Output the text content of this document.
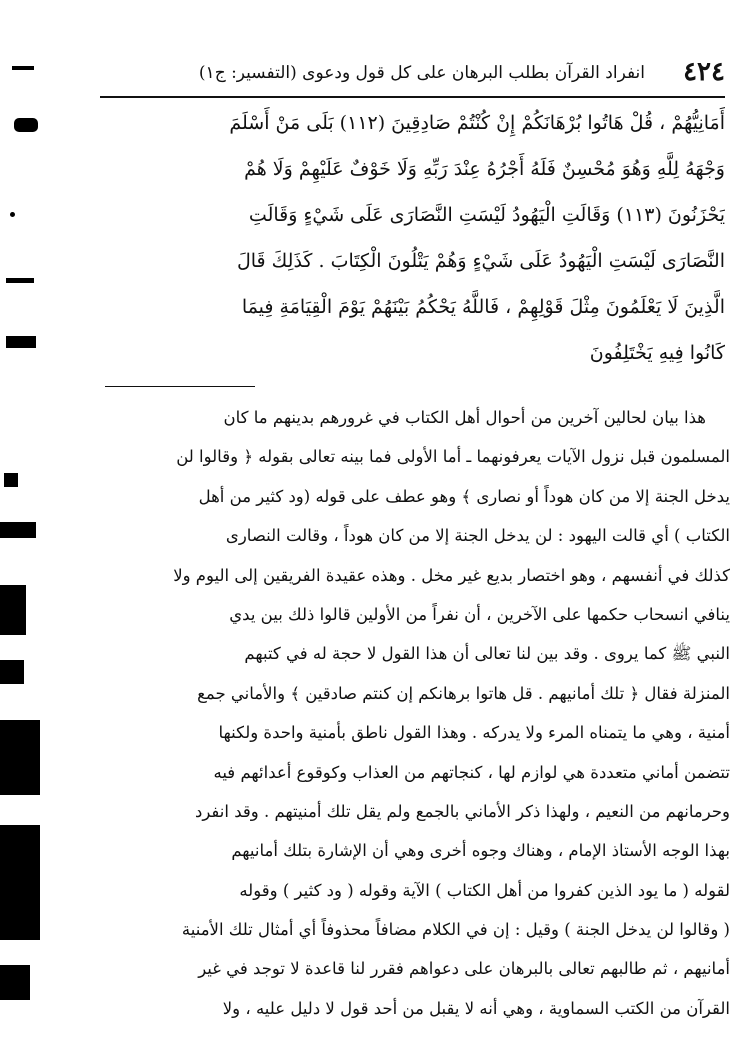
٤٢٤
انفراد القرآن بطلب البرهان على كل قول ودعوى (التفسير: ج١)
أَمَانِيُّهُمْ ، قُلْ هَاتُوا بُرْهَانَكُمْ إِنْ كُنْتُمْ صَادِقِينَ (١١٢) بَلَى مَنْ أَسْلَمَ
وَجْهَهُ لِلَّهِ وَهُوَ مُحْسِنٌ فَلَهُ أَجْرُهُ عِنْدَ رَبِّهِ وَلَا خَوْفٌ عَلَيْهِمْ وَلَا هُمْ
يَحْزَنُونَ (١١٣) وَقَالَتِ الْيَهُودُ لَيْسَتِ النَّصَارَى عَلَى شَيْءٍ وَقَالَتِ
النَّصَارَى لَيْسَتِ الْيَهُودُ عَلَى شَيْءٍ وَهُمْ يَتْلُونَ الْكِتَابَ . كَذَلِكَ قَالَ
الَّذِينَ لَا يَعْلَمُونَ مِثْلَ قَوْلِهِمْ ، فَاللَّهُ يَحْكُمُ بَيْنَهُمْ يَوْمَ الْقِيَامَةِ فِيمَا
كَانُوا فِيهِ يَخْتَلِفُونَ
هذا بيان لحالين آخرين من أحوال أهل الكتاب في غرورهم بدينهم ما كان
المسلمون قبل نزول الآيات يعرفونهما ـ أما الأولى فما بينه تعالى بقوله ﴿ وقالوا لن
يدخل الجنة إلا من كان هوداً أو نصارى ﴾ وهو عطف على قوله (ود كثير من أهل
الكتاب ) أي قالت اليهود : لن يدخل الجنة إلا من كان هوداً ، وقالت النصارى
كذلك في أنفسهم ، وهو اختصار بديع غير مخل . وهذه عقيدة الفريقين إلى اليوم ولا
ينافي انسحاب حكمها على الآخرين ، أن نفراً من الأولين قالوا ذلك بين يدي
النبي ﷺ كما يروى . وقد بين لنا تعالى أن هذا القول لا حجة له في كتبهم
المنزلة فقال ﴿ تلك أمانيهم . قل هاتوا برهانكم إن كنتم صادقين ﴾ والأماني جمع
أمنية ، وهي ما يتمناه المرء ولا يدركه . وهذا القول ناطق بأمنية واحدة ولكنها
تتضمن أماني متعددة هي لوازم لها ، كنجاتهم من العذاب وكوقوع أعدائهم فيه
وحرمانهم من النعيم ، ولهذا ذكر الأماني بالجمع ولم يقل تلك أمنيتهم . وقد انفرد
بهذا الوجه الأستاذ الإمام ، وهناك وجوه أخرى وهي أن الإشارة بتلك أمانيهم
لقوله ( ما يود الذين كفروا من أهل الكتاب ) الآية وقوله ( ود كثير ) وقوله
( وقالوا لن يدخل الجنة ) وقيل : إن في الكلام مضافاً محذوفاً أي أمثال تلك الأمنية
أمانيهم ، ثم طالبهم تعالى بالبرهان على دعواهم فقرر لنا قاعدة لا توجد في غير
القرآن من الكتب السماوية ، وهي أنه لا يقبل من أحد قول لا دليل عليه ، ولا
